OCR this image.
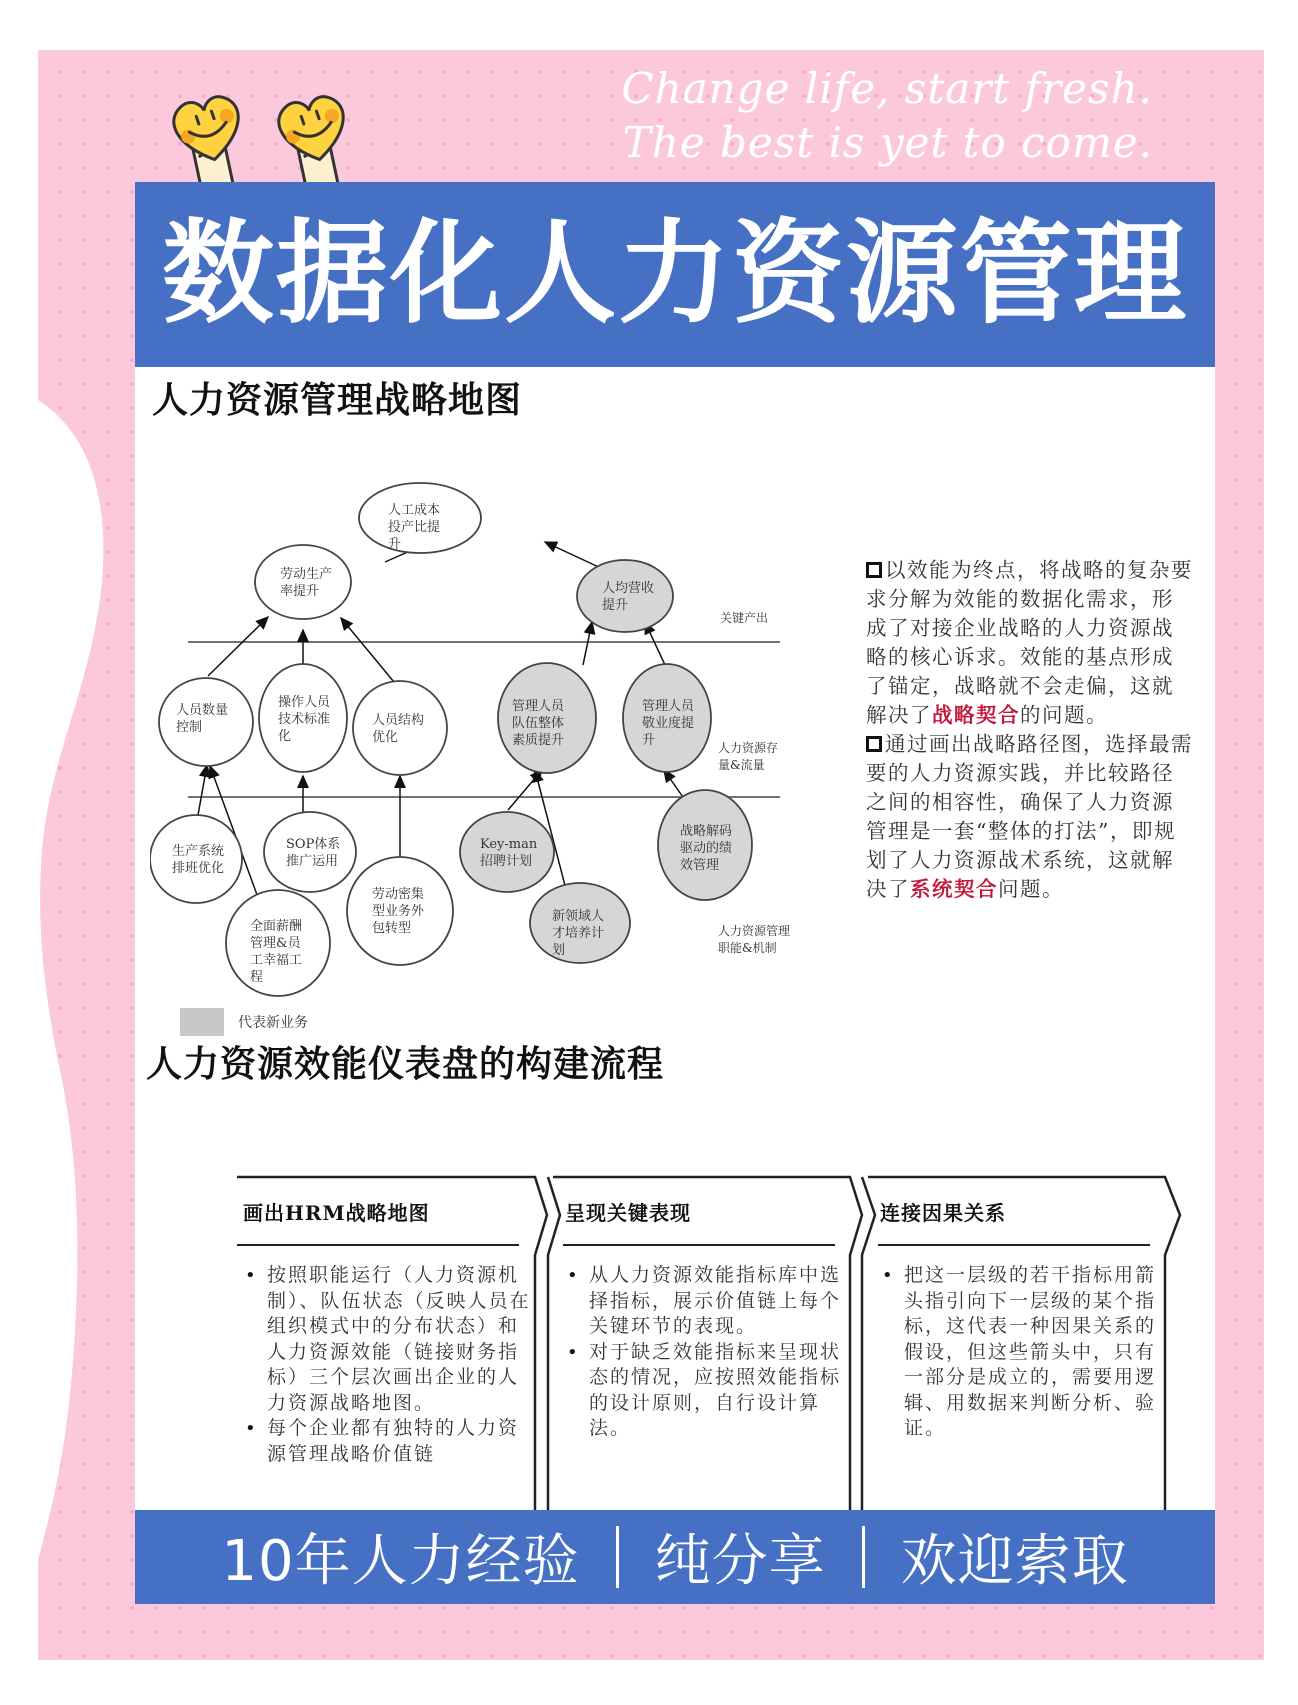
Change life, start fresh.
The best is yet to come.
数据化人力资源管理
人力资源管理战略地图
人工成本投产比提升
劳动生产率提升	人均营收提升
人员数量控制
操作人员技术标准化
人员结构优化
管理人员队伍整体素质提升
管理人员敬业度提升
生产系统排班优化
全面薪酬管理&员工幸福工程
SOP体系推广运用
劳动密集型业务外包转型
Key-man 招聘计划
新领域人才培养计划
战略解码驱动的绩效管理
关键产出
人力资源存量&流量
人力资源管理职能&机制
代表新业务

以效能为终点，将战略的复杂要求分解为效能的数据化需求，形成了对接企业战略的人力资源战略的核心诉求。效能的基点形成了锚定，战略就不会走偏，这就解决了战略契合的问题。

通过画出战略路径图，选择最需要的人力资源实践，并比较路径之间的相容性，确保了人力资源管理是一套“整体的打法”，即规划了人力资源战术系统，这就解决了系统契合问题。

人力资源效能仪表盘的构建流程
画出HRM战略地图
• 按照职能运行（人力资源机制）、队伍状态（反映人员在组织模式中的分布状态）和人力资源效能（链接财务指标）三个层次画出企业的人力资源战略地图。
• 每个企业都有独特的人力资源管理战略价值链
呈现关键表现
• 从人力资源效能指标库中选择指标，展示价值链上每个关键环节的表现。
• 对于缺乏效能指标来呈现状态的情况，应按照效能指标的设计原则，自行设计算法。
连接因果关系
• 把这一层级的若干指标用箭头指引向下一层级的某个指标，这代表一种因果关系的假设，但这些箭头中，只有一部分是成立的，需要用逻辑、用数据来判断分析、验证。
10年人力经验	纯分享	欢迎索取
